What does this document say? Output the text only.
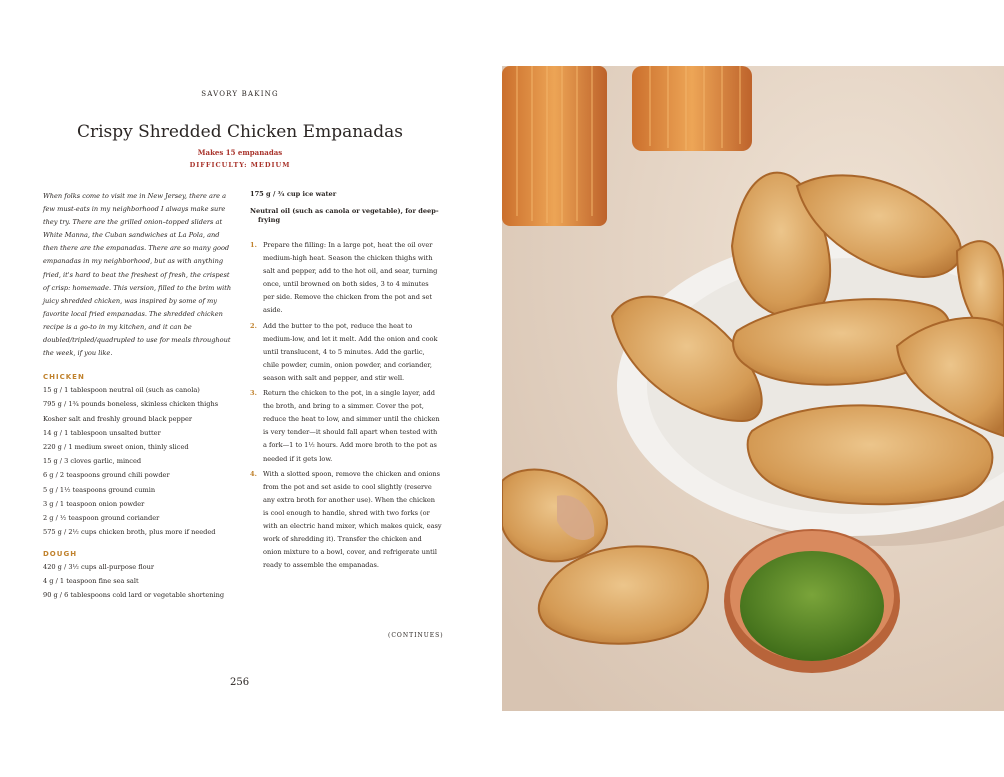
SAVORY BAKING
Crispy Shredded Chicken Empanadas
Makes 15 empanadas
DIFFICULTY: MEDIUM

When folks come to visit me in New Jersey, there are a few must-eats in my neighborhood I always make sure they try. There are the grilled onion–topped sliders at White Manna, the Cuban sandwiches at La Pola, and then there are the empanadas. There are so many good empanadas in my neighborhood, but as with anything fried, it's hard to beat the freshest of fresh, the crispest of crisp: homemade. This version, filled to the brim with juicy shredded chicken, was inspired by some of my favorite local fried empanadas. The shredded chicken recipe is a go-to in my kitchen, and it can be doubled/tripled/quadrupled to use for meals throughout the week, if you like.

CHICKEN

15 g / 1 tablespoon neutral oil (such as canola)

795 g / 1¾ pounds boneless, skinless chicken thighs

Kosher salt and freshly ground black pepper

14 g / 1 tablespoon unsalted butter

220 g / 1 medium sweet onion, thinly sliced

15 g / 3 cloves garlic, minced

6 g / 2 teaspoons ground chili powder

5 g / 1½ teaspoons ground cumin

3 g / 1 teaspoon onion powder

2 g / ½ teaspoon ground coriander

575 g / 2½ cups chicken broth, plus more if needed

DOUGH

420 g / 3½ cups all-purpose flour

4 g / 1 teaspoon fine sea salt

90 g / 6 tablespoons cold lard or vegetable shortening

175 g / ¾ cup ice water

Neutral oil (such as canola or vegetable), for deep-frying

1. Prepare the filling: In a large pot, heat the oil over medium-high heat. Season the chicken thighs with salt and pepper, add to the hot oil, and sear, turning once, until browned on both sides, 3 to 4 minutes per side. Remove the chicken from the pot and set aside.
2. Add the butter to the pot, reduce the heat to medium-low, and let it melt. Add the onion and cook until translucent, 4 to 5 minutes. Add the garlic, chile powder, cumin, onion powder, and coriander, season with salt and pepper, and stir well.
3. Return the chicken to the pot, in a single layer, add the broth, and bring to a simmer. Cover the pot, reduce the heat to low, and simmer until the chicken is very tender—it should fall apart when tested with a fork—1 to 1½ hours. Add more broth to the pot as needed if it gets low.
4. With a slotted spoon, remove the chicken and onions from the pot and set aside to cool slightly (reserve any extra broth for another use). When the chicken is cool enough to handle, shred with two forks (or with an electric hand mixer, which makes quick, easy work of shredding it). Transfer the chicken and onion mixture to a bowl, cover, and refrigerate until ready to assemble the empanadas.
(CONTINUES)
256
